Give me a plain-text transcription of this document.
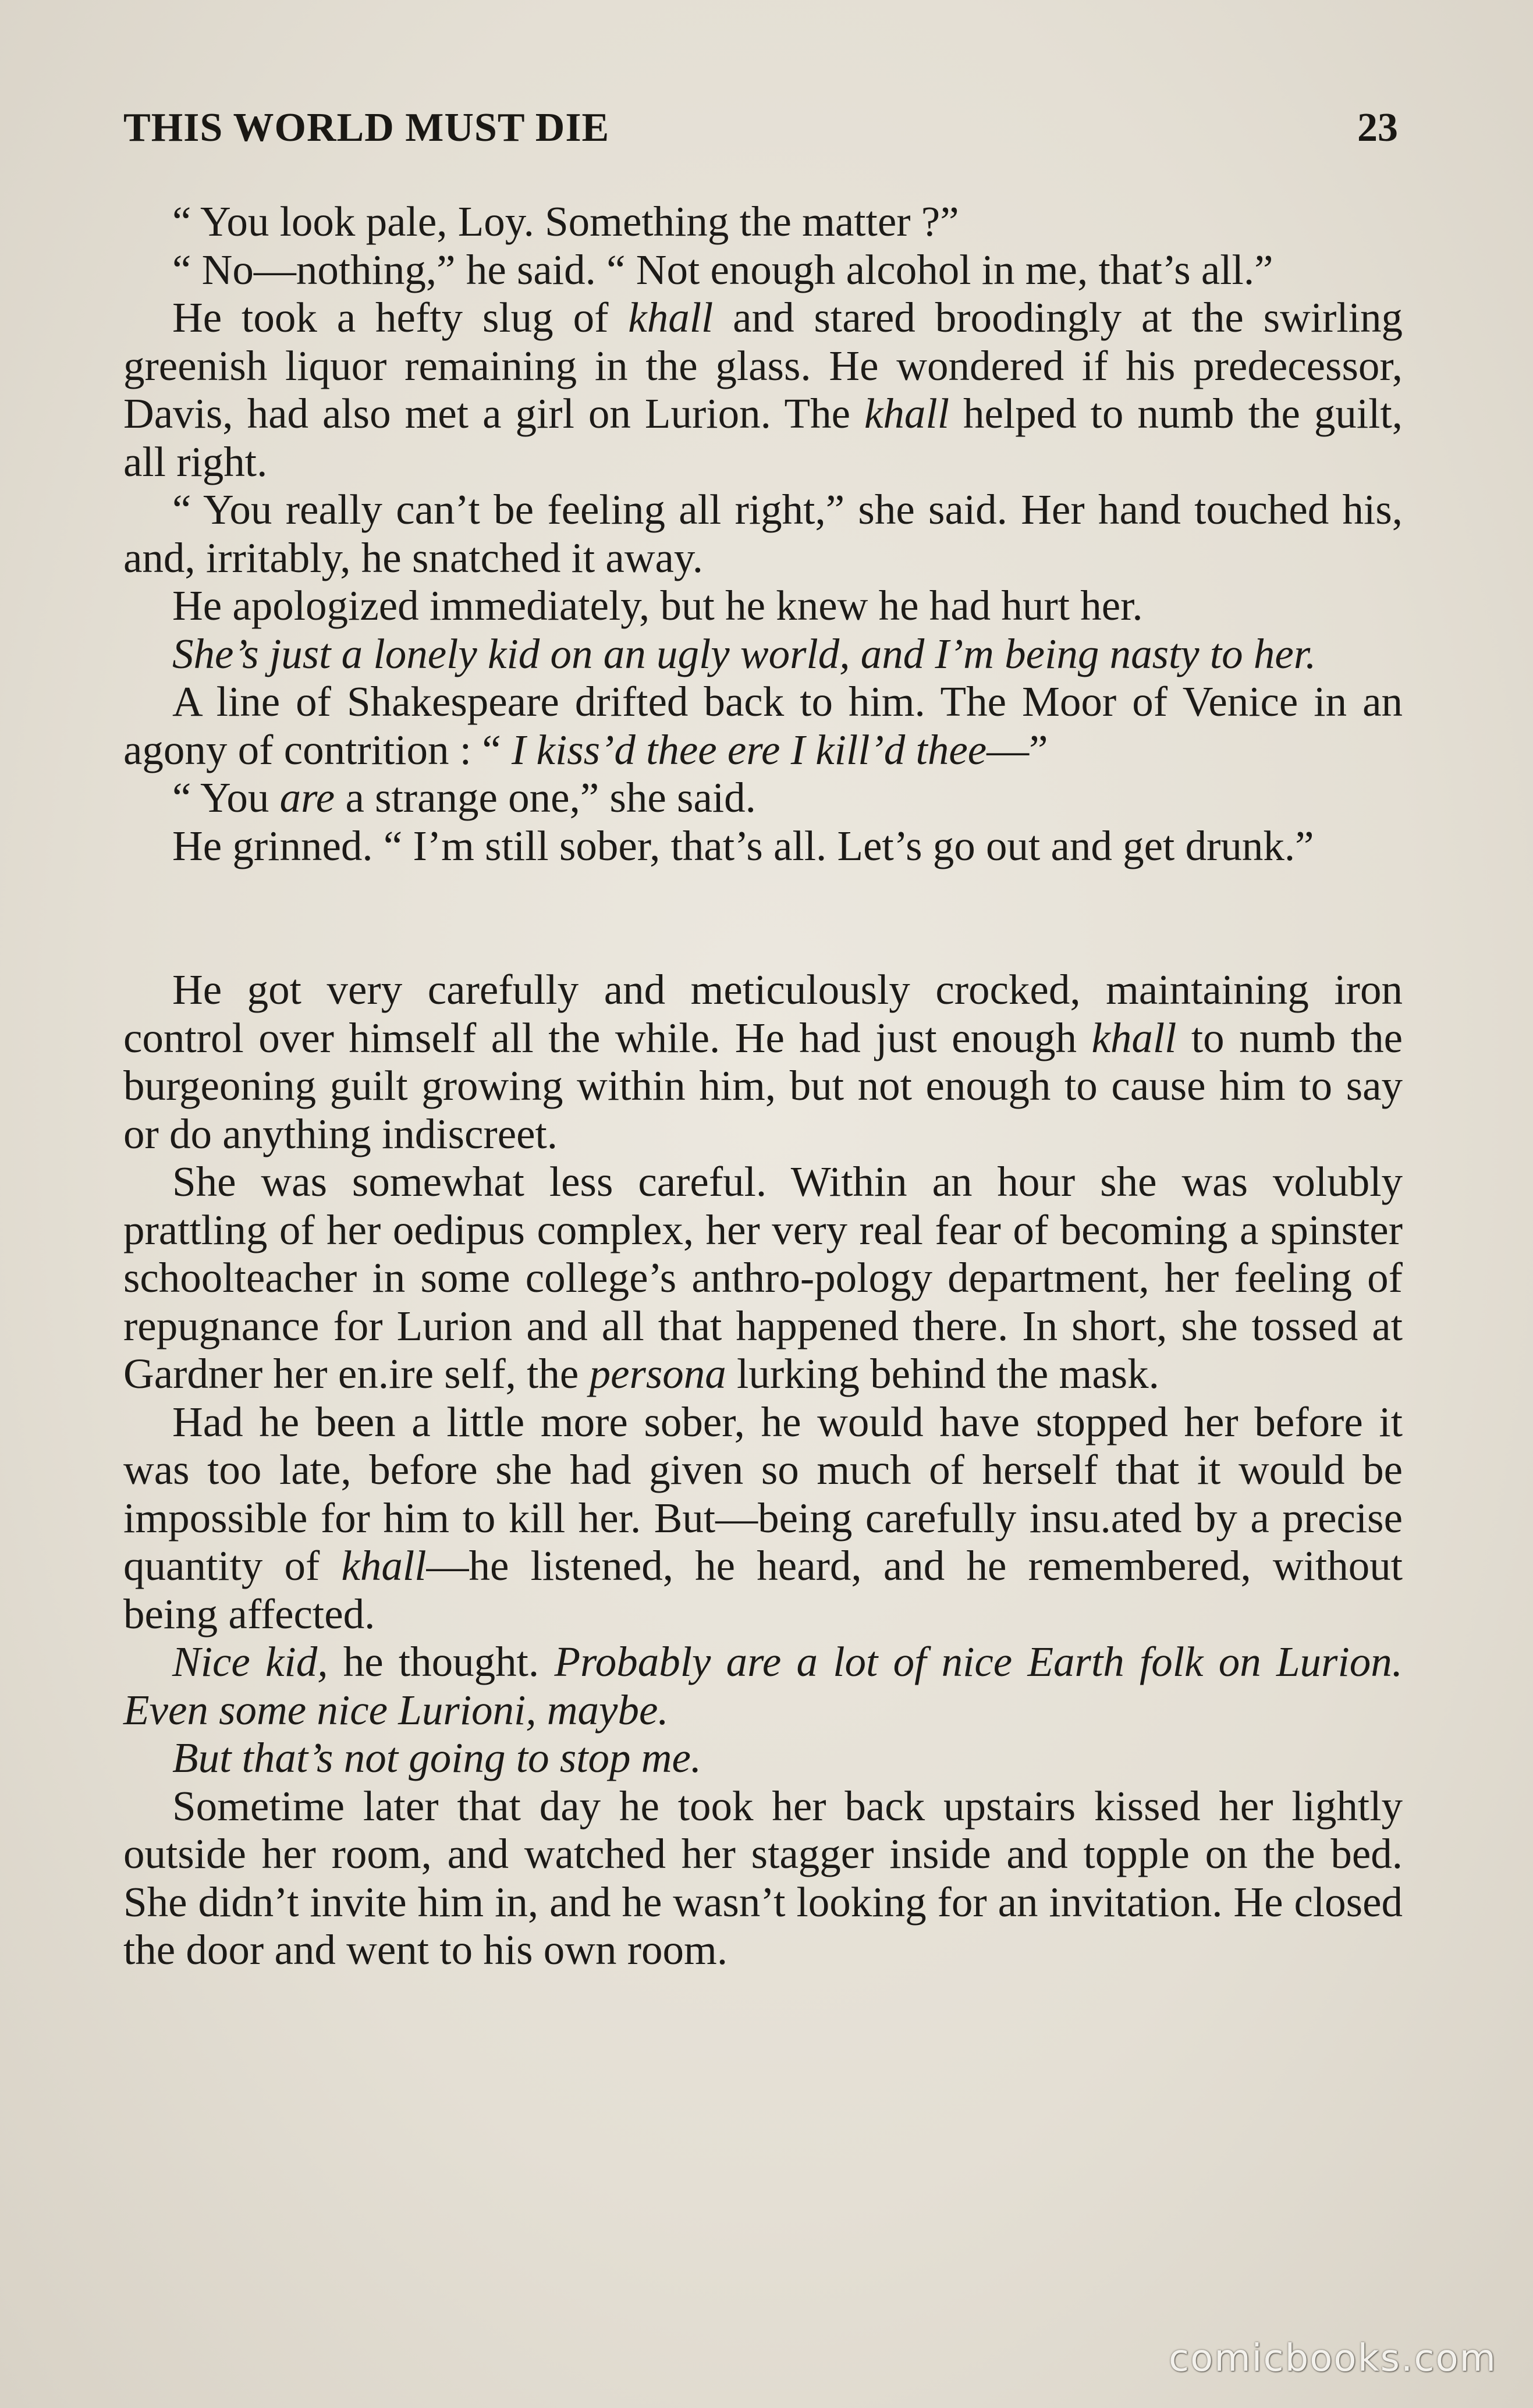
THIS WORLD MUST DIE	23

“ You look pale, Loy. Something the matter ?”

“ No—nothing,” he said. “ Not enough alcohol in me, that’s all.”

He took a hefty slug of khall and stared broodingly at the swirling greenish liquor remaining in the glass. He wondered if his predecessor, Davis, had also met a girl on Lurion. The khall helped to numb the guilt, all right.

“ You really can’t be feeling all right,” she said. Her hand touched his, and, irritably, he snatched it away.

He apologized immediately, but he knew he had hurt her.

She’s just a lonely kid on an ugly world, and I’m being nasty to her.

A line of Shakespeare drifted back to him. The Moor of Venice in an agony of contrition : “ I kiss’d thee ere I kill’d thee—”

“ You are a strange one,” she said.

He grinned. “ I’m still sober, that’s all. Let’s go out and get drunk.”

He got very carefully and meticulously crocked, maintaining iron control over himself all the while. He had just enough khall to numb the burgeoning guilt growing within him, but not enough to cause him to say or do anything indiscreet.

She was somewhat less careful. Within an hour she was volubly prattling of her oedipus complex, her very real fear of becoming a spinster schoolteacher in some college’s anthro-pology department, her feeling of repugnance for Lurion and all that happened there. In short, she tossed at Gardner her en.ire self, the persona lurking behind the mask.

Had he been a little more sober, he would have stopped her before it was too late, before she had given so much of herself that it would be impossible for him to kill her. But—being carefully insu.ated by a precise quantity of khall—he listened, he heard, and he remembered, without being affected.

Nice kid, he thought. Probably are a lot of nice Earth folk on Lurion. Even some nice Lurioni, maybe.

But that’s not going to stop me.

Sometime later that day he took her back upstairs kissed her lightly outside her room, and watched her stagger inside and topple on the bed. She didn’t invite him in, and he wasn’t looking for an invitation. He closed the door and went to his own room.

comicbooks.com
